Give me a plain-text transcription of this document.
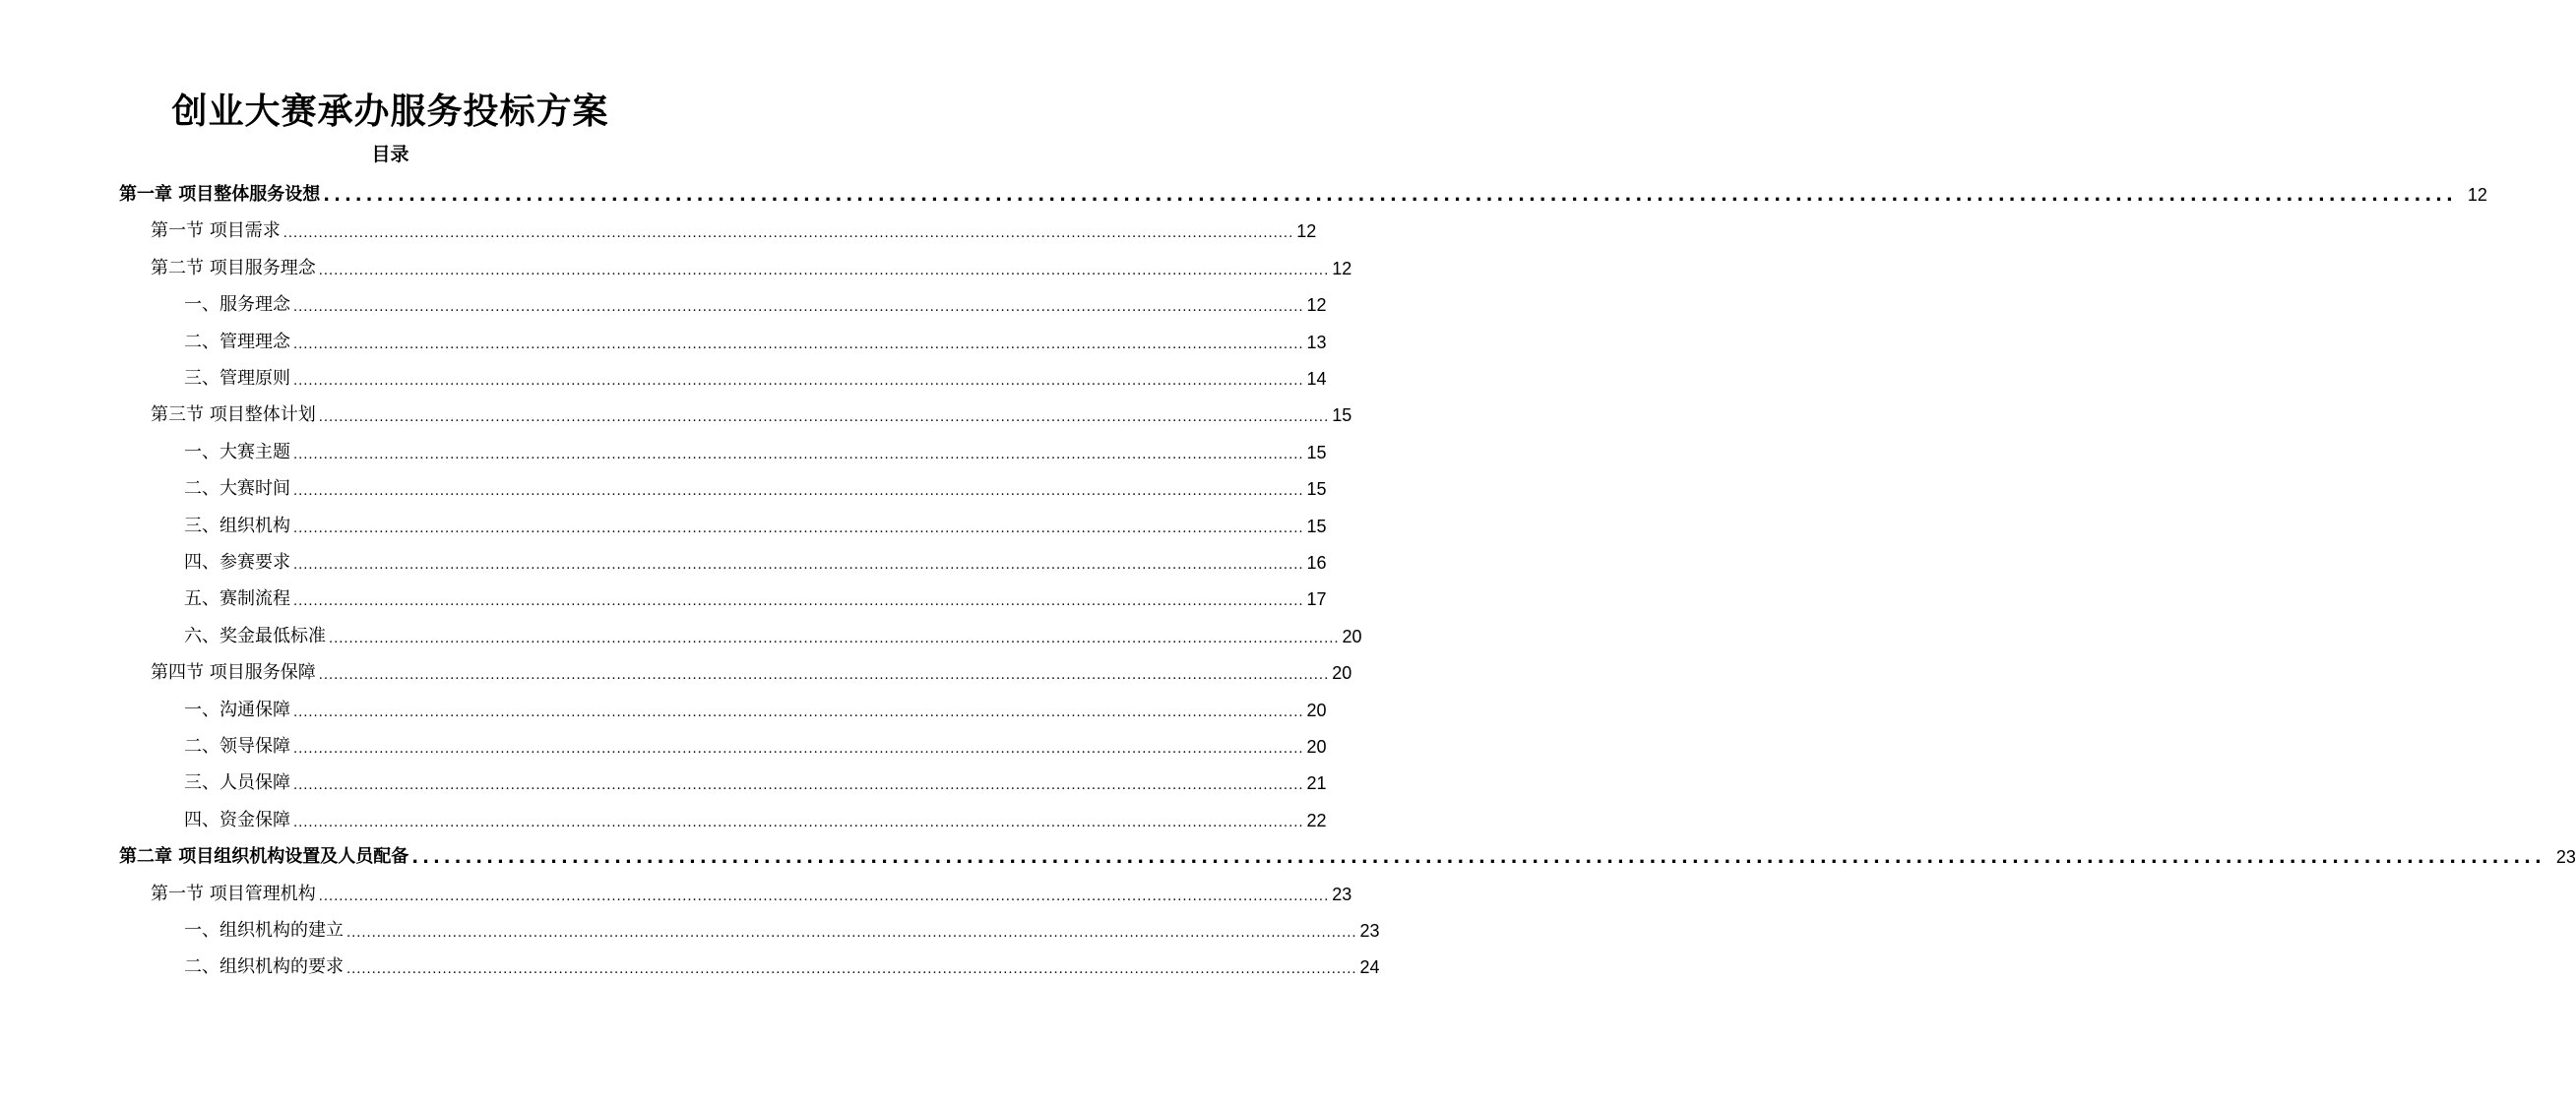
创业大赛承办服务投标方案
目录
第一章 项目整体服务设想 ........................................................................................................................................................................................................ 12
第一节 项目需求 ........................................................................................................................................................................................................ 12
第二节 项目服务理念 ........................................................................................................................................................................................................ 12
一、服务理念 ........................................................................................................................................................................................................ 12
二、管理理念 ........................................................................................................................................................................................................ 13
三、管理原则 ........................................................................................................................................................................................................ 14
第三节 项目整体计划 ........................................................................................................................................................................................................ 15
一、大赛主题 ........................................................................................................................................................................................................ 15
二、大赛时间 ........................................................................................................................................................................................................ 15
三、组织机构 ........................................................................................................................................................................................................ 15
四、参赛要求 ........................................................................................................................................................................................................ 16
五、赛制流程 ........................................................................................................................................................................................................ 17
六、奖金最低标准 ........................................................................................................................................................................................................ 20
第四节 项目服务保障 ........................................................................................................................................................................................................ 20
一、沟通保障 ........................................................................................................................................................................................................ 20
二、领导保障 ........................................................................................................................................................................................................ 20
三、人员保障 ........................................................................................................................................................................................................ 21
四、资金保障 ........................................................................................................................................................................................................ 22
第二章 项目组织机构设置及人员配备 ........................................................................................................................................................................................................ 23
第一节 项目管理机构 ........................................................................................................................................................................................................ 23
一、组织机构的建立 ........................................................................................................................................................................................................ 23
二、组织机构的要求 ........................................................................................................................................................................................................ 24
